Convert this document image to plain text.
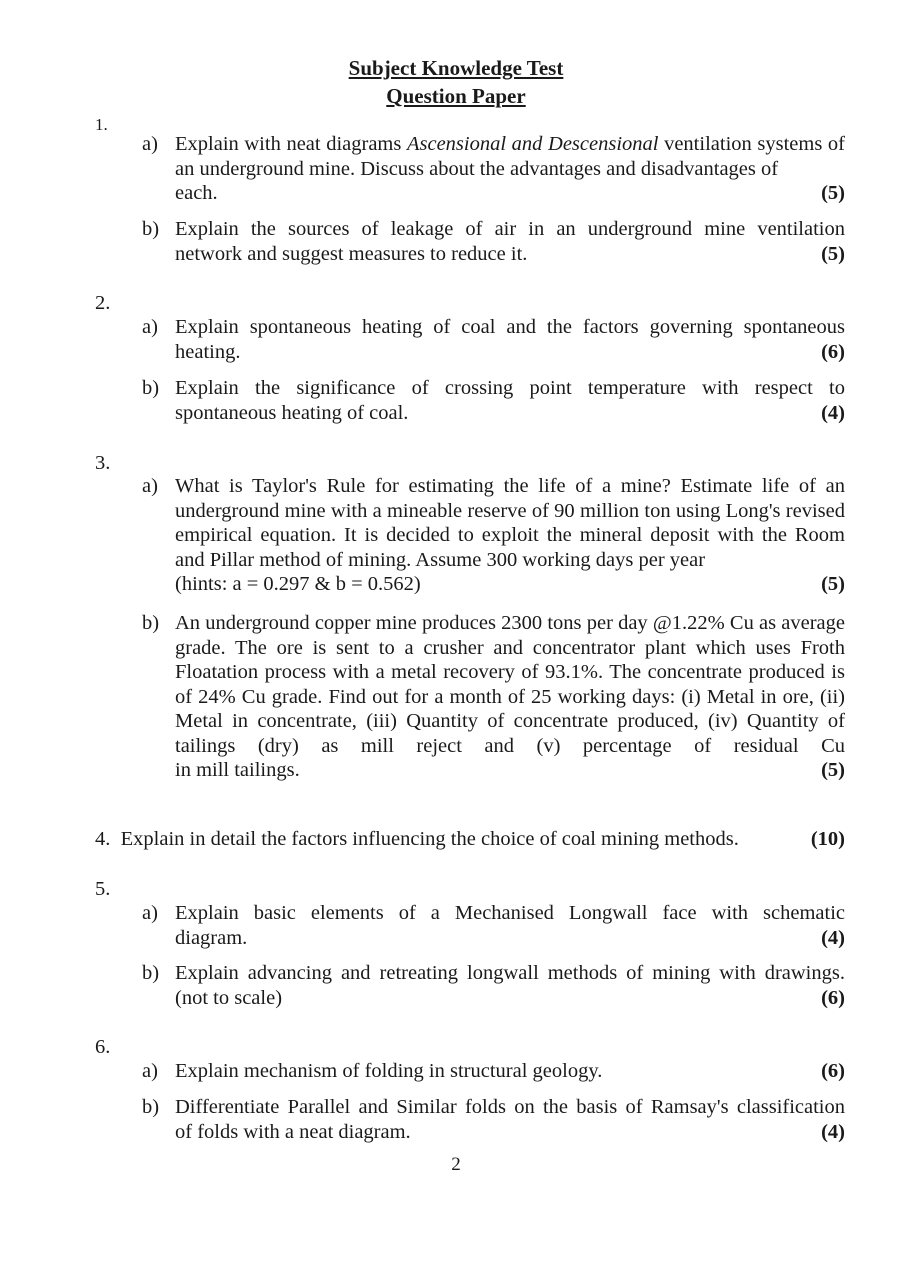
Subject Knowledge Test
Question Paper
1.
a) Explain with neat diagrams Ascensional and Descensional ventilation systems of an underground mine. Discuss about the advantages and disadvantages of
each.	(5)
b) Explain the sources of leakage of air in an underground mine ventilation
network and suggest measures to reduce it.	(5)
2.
a) Explain spontaneous heating of coal and the factors governing spontaneous
heating.	(6)
b) Explain the significance of crossing point temperature with respect to
spontaneous heating of coal.	(4)
3.
a) What is Taylor's Rule for estimating the life of a mine? Estimate life of an underground mine with a mineable reserve of 90 million ton using Long's revised empirical equation. It is decided to exploit the mineral deposit with the Room and Pillar method of mining. Assume 300 working days per year
(hints: a = 0.297 & b = 0.562)	(5)
b) An underground copper mine produces 2300 tons per day @1.22% Cu as average grade. The ore is sent to a crusher and concentrator plant which uses Froth Floatation process with a metal recovery of 93.1%. The concentrate produced is of 24% Cu grade. Find out for a month of 25 working days: (i) Metal in ore, (ii) Metal in concentrate, (iii) Quantity of concentrate produced, (iv) Quantity of tailings (dry) as mill reject and (v) percentage of residual Cu
in mill tailings.	(5)
4. Explain in detail the factors influencing the choice of coal mining methods.	(10)
5.
a) Explain basic elements of a Mechanised Longwall face with schematic
diagram.	(4)
b) Explain advancing and retreating longwall methods of mining with drawings.
(not to scale)	(6)
6.
a) Explain mechanism of folding in structural geology.	(6)
b) Differentiate Parallel and Similar folds on the basis of Ramsay's classification
of folds with a neat diagram.	(4)
2
